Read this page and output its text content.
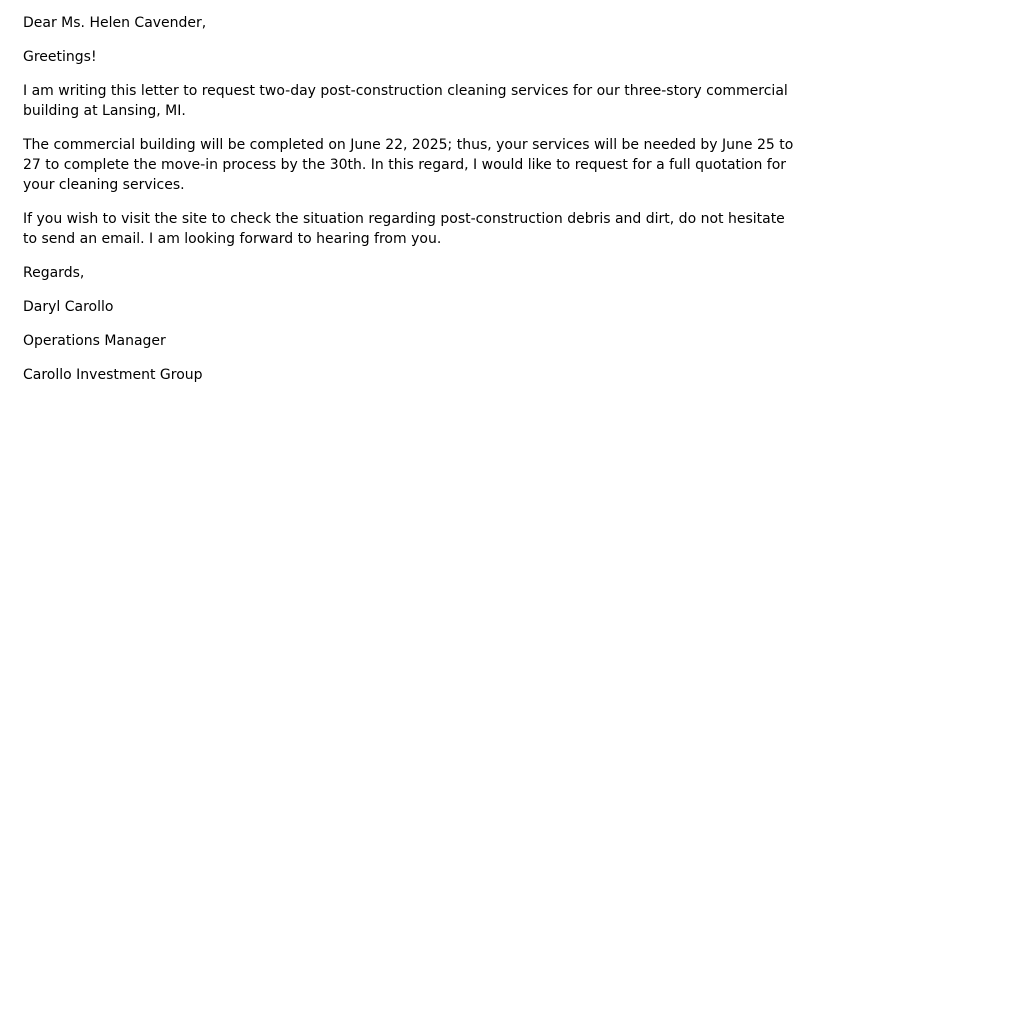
Dear Ms. Helen Cavender,

Greetings!

I am writing this letter to request two-day post-construction cleaning services for our three-story commercial building at Lansing, MI.

The commercial building will be completed on June 22, 2025; thus, your services will be needed by June 25 to 27 to complete the move-in process by the 30th. In this regard, I would like to request for a full quotation for your cleaning services.

If you wish to visit the site to check the situation regarding post-construction debris and dirt, do not hesitate to send an email. I am looking forward to hearing from you.

Regards,

Daryl Carollo

Operations Manager

Carollo Investment Group
